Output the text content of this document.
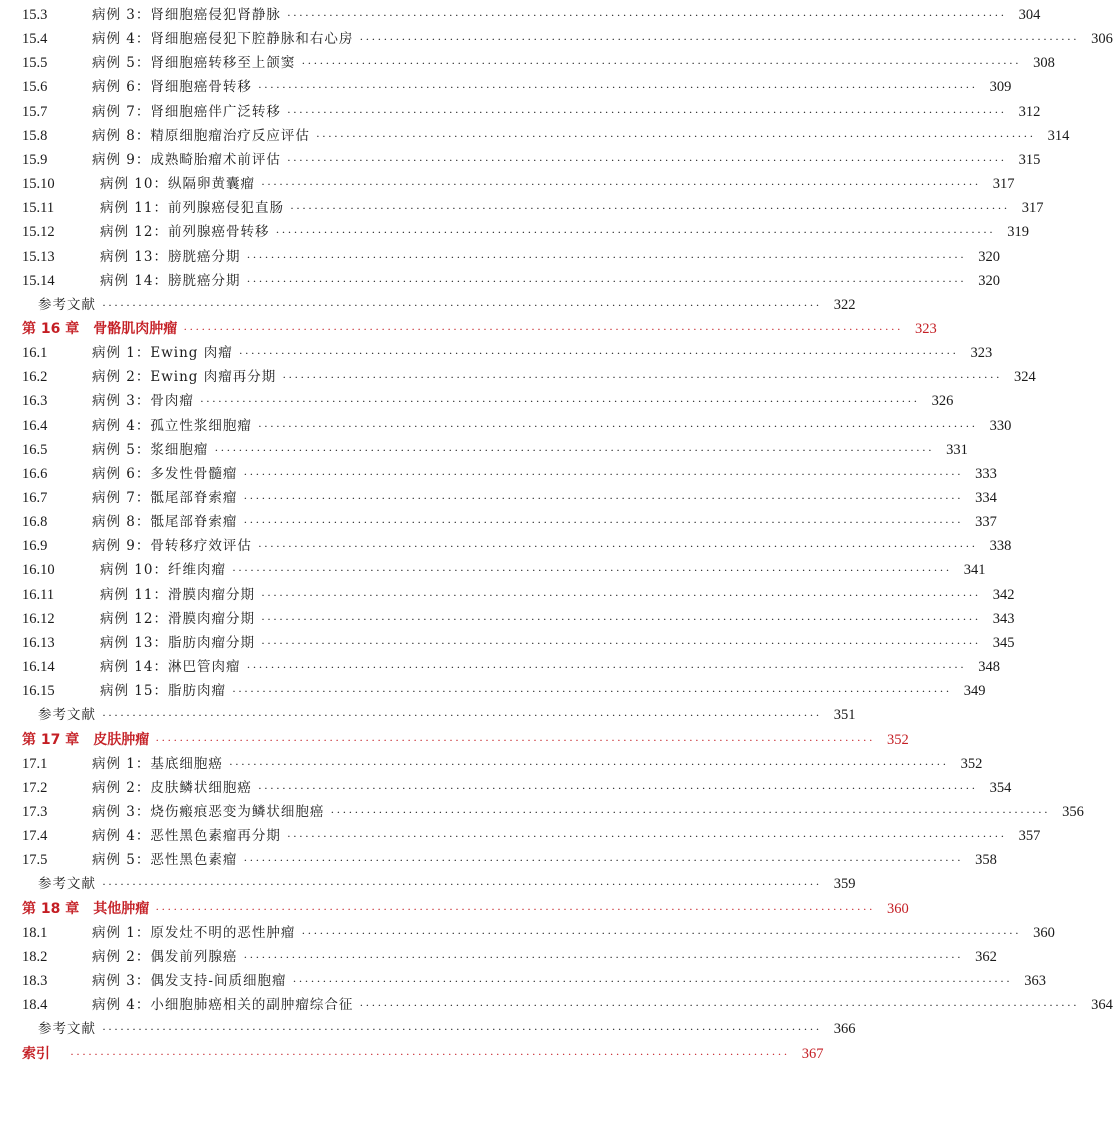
15.3	病例 3：肾细胞癌侵犯肾静脉 ························································································································ 304
15.4	病例 4：肾细胞癌侵犯下腔静脉和右心房 ························································································································ 306
15.5	病例 5：肾细胞癌转移至上颌窦 ························································································································ 308
15.6	病例 6：肾细胞癌骨转移 ························································································································ 309
15.7	病例 7：肾细胞癌伴广泛转移 ························································································································ 312
15.8	病例 8：精原细胞瘤治疗反应评估 ························································································································ 314
15.9	病例 9：成熟畸胎瘤术前评估 ························································································································ 315
15.10	病例 10：纵隔卵黄囊瘤 ························································································································ 317
15.11	病例 11：前列腺癌侵犯直肠 ························································································································ 317
15.12	病例 12：前列腺癌骨转移 ························································································································ 319
15.13	病例 13：膀胱癌分期 ························································································································ 320
15.14	病例 14：膀胱癌分期 ························································································································ 320
参考文献 ························································································································ 322
第 16 章 骨骼肌肉肿瘤 ························································································································ 323
16.1	病例 1：Ewing 肉瘤 ························································································································ 323
16.2	病例 2：Ewing 肉瘤再分期 ························································································································ 324
16.3	病例 3：骨肉瘤 ························································································································ 326
16.4	病例 4：孤立性浆细胞瘤 ························································································································ 330
16.5	病例 5：浆细胞瘤 ························································································································ 331
16.6	病例 6：多发性骨髓瘤 ························································································································ 333
16.7	病例 7：骶尾部脊索瘤 ························································································································ 334
16.8	病例 8：骶尾部脊索瘤 ························································································································ 337
16.9	病例 9：骨转移疗效评估 ························································································································ 338
16.10	病例 10：纤维肉瘤 ························································································································ 341
16.11	病例 11：滑膜肉瘤分期 ························································································································ 342
16.12	病例 12：滑膜肉瘤分期 ························································································································ 343
16.13	病例 13：脂肪肉瘤分期 ························································································································ 345
16.14	病例 14：淋巴管肉瘤 ························································································································ 348
16.15	病例 15：脂肪肉瘤 ························································································································ 349
参考文献 ························································································································ 351
第 17 章 皮肤肿瘤 ························································································································ 352
17.1	病例 1：基底细胞癌 ························································································································ 352
17.2	病例 2：皮肤鳞状细胞癌 ························································································································ 354
17.3	病例 3：烧伤瘢痕恶变为鳞状细胞癌 ························································································································ 356
17.4	病例 4：恶性黑色素瘤再分期 ························································································································ 357
17.5	病例 5：恶性黑色素瘤 ························································································································ 358
参考文献 ························································································································ 359
第 18 章 其他肿瘤 ························································································································ 360
18.1	病例 1：原发灶不明的恶性肿瘤 ························································································································ 360
18.2	病例 2：偶发前列腺癌 ························································································································ 362
18.3	病例 3：偶发支持-间质细胞瘤 ························································································································ 363
18.4	病例 4：小细胞肺癌相关的副肿瘤综合征 ························································································································ 364
参考文献 ························································································································ 366
索引 ························································································································ 367
